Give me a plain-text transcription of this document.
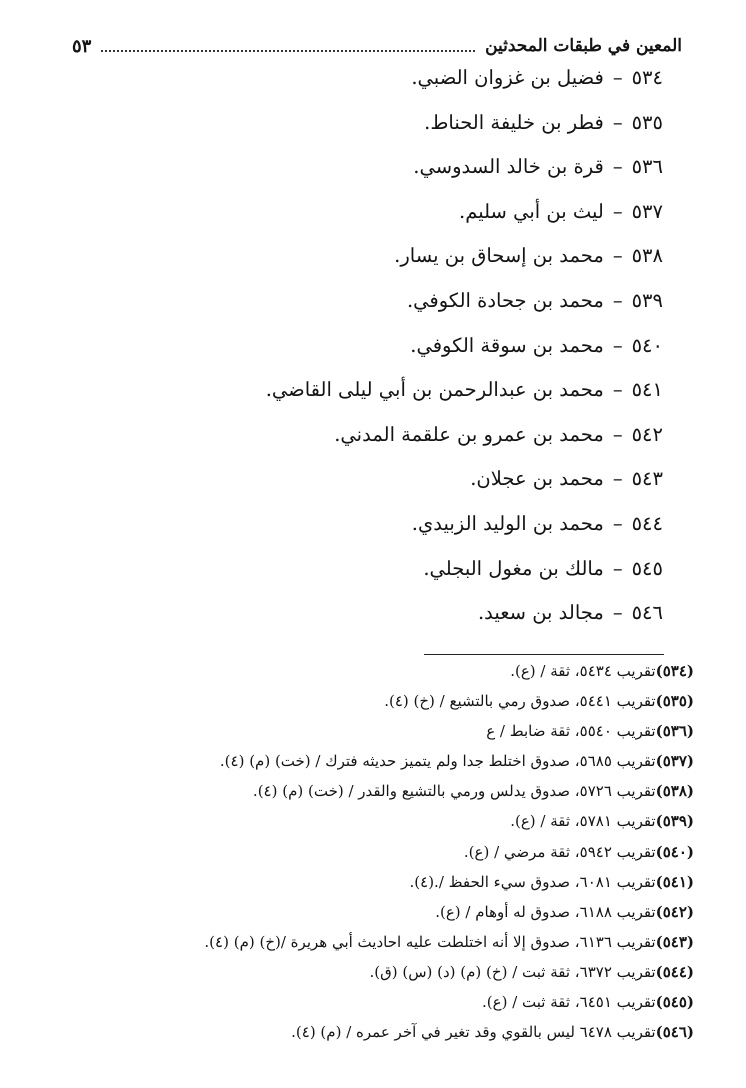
المعين في طبقات المحدثين
٥٣
٥٣٤–فضيل بن غزوان الضبي.
٥٣٥–فطر بن خليفة الحناط.
٥٣٦–قرة بن خالد السدوسي.
٥٣٧–ليث بن أبي سليم.
٥٣٨–محمد بن إسحاق بن يسار.
٥٣٩–محمد بن جحادة الكوفي.
٥٤٠–محمد بن سوقة الكوفي.
٥٤١–محمد بن عبدالرحمن بن أبي ليلى القاضي.
٥٤٢–محمد بن عمرو بن علقمة المدني.
٥٤٣–محمد بن عجلان.
٥٤٤–محمد بن الوليد الزبيدي.
٥٤٥–مالك بن مغول البجلي.
٥٤٦–مجالد بن سعيد.
(٥٣٤)تقريب ٥٤٣٤، ثقة / (ع).
(٥٣٥)تقريب ٥٤٤١، صدوق رمي بالتشيع / (خ) (٤).
(٥٣٦)تقريب ٥٥٤٠، ثقة ضابط / ع
(٥٣٧)تقريب ٥٦٨٥، صدوق اختلط جدا ولم يتميز حديثه فترك / (خت) (م) (٤).
(٥٣٨)تقريب ٥٧٢٦، صدوق يدلس ورمي بالتشيع والقدر / (خت) (م) (٤).
(٥٣٩)تقريب ٥٧٨١، ثقة / (ع).
(٥٤٠)تقريب ٥٩٤٢، ثقة مرضي / (ع).
(٥٤١)تقريب ٦٠٨١، صدوق سيء الحفظ /.(٤).
(٥٤٢)تقريب ٦١٨٨، صدوق له أوهام / (ع).
(٥٤٣)تقريب ٦١٣٦، صدوق إلا أنه اختلطت عليه احاديث أبي هريرة /(خ) (م) (٤).
(٥٤٤)تقريب ٦٣٧٢، ثقة ثبت / (خ) (م) (د) (س) (ق).
(٥٤٥)تقريب ٦٤٥١، ثقة ثبت / (ع).
(٥٤٦)تقريب ٦٤٧٨ ليس بالقوي وقد تغير في آخر عمره / (م) (٤).
